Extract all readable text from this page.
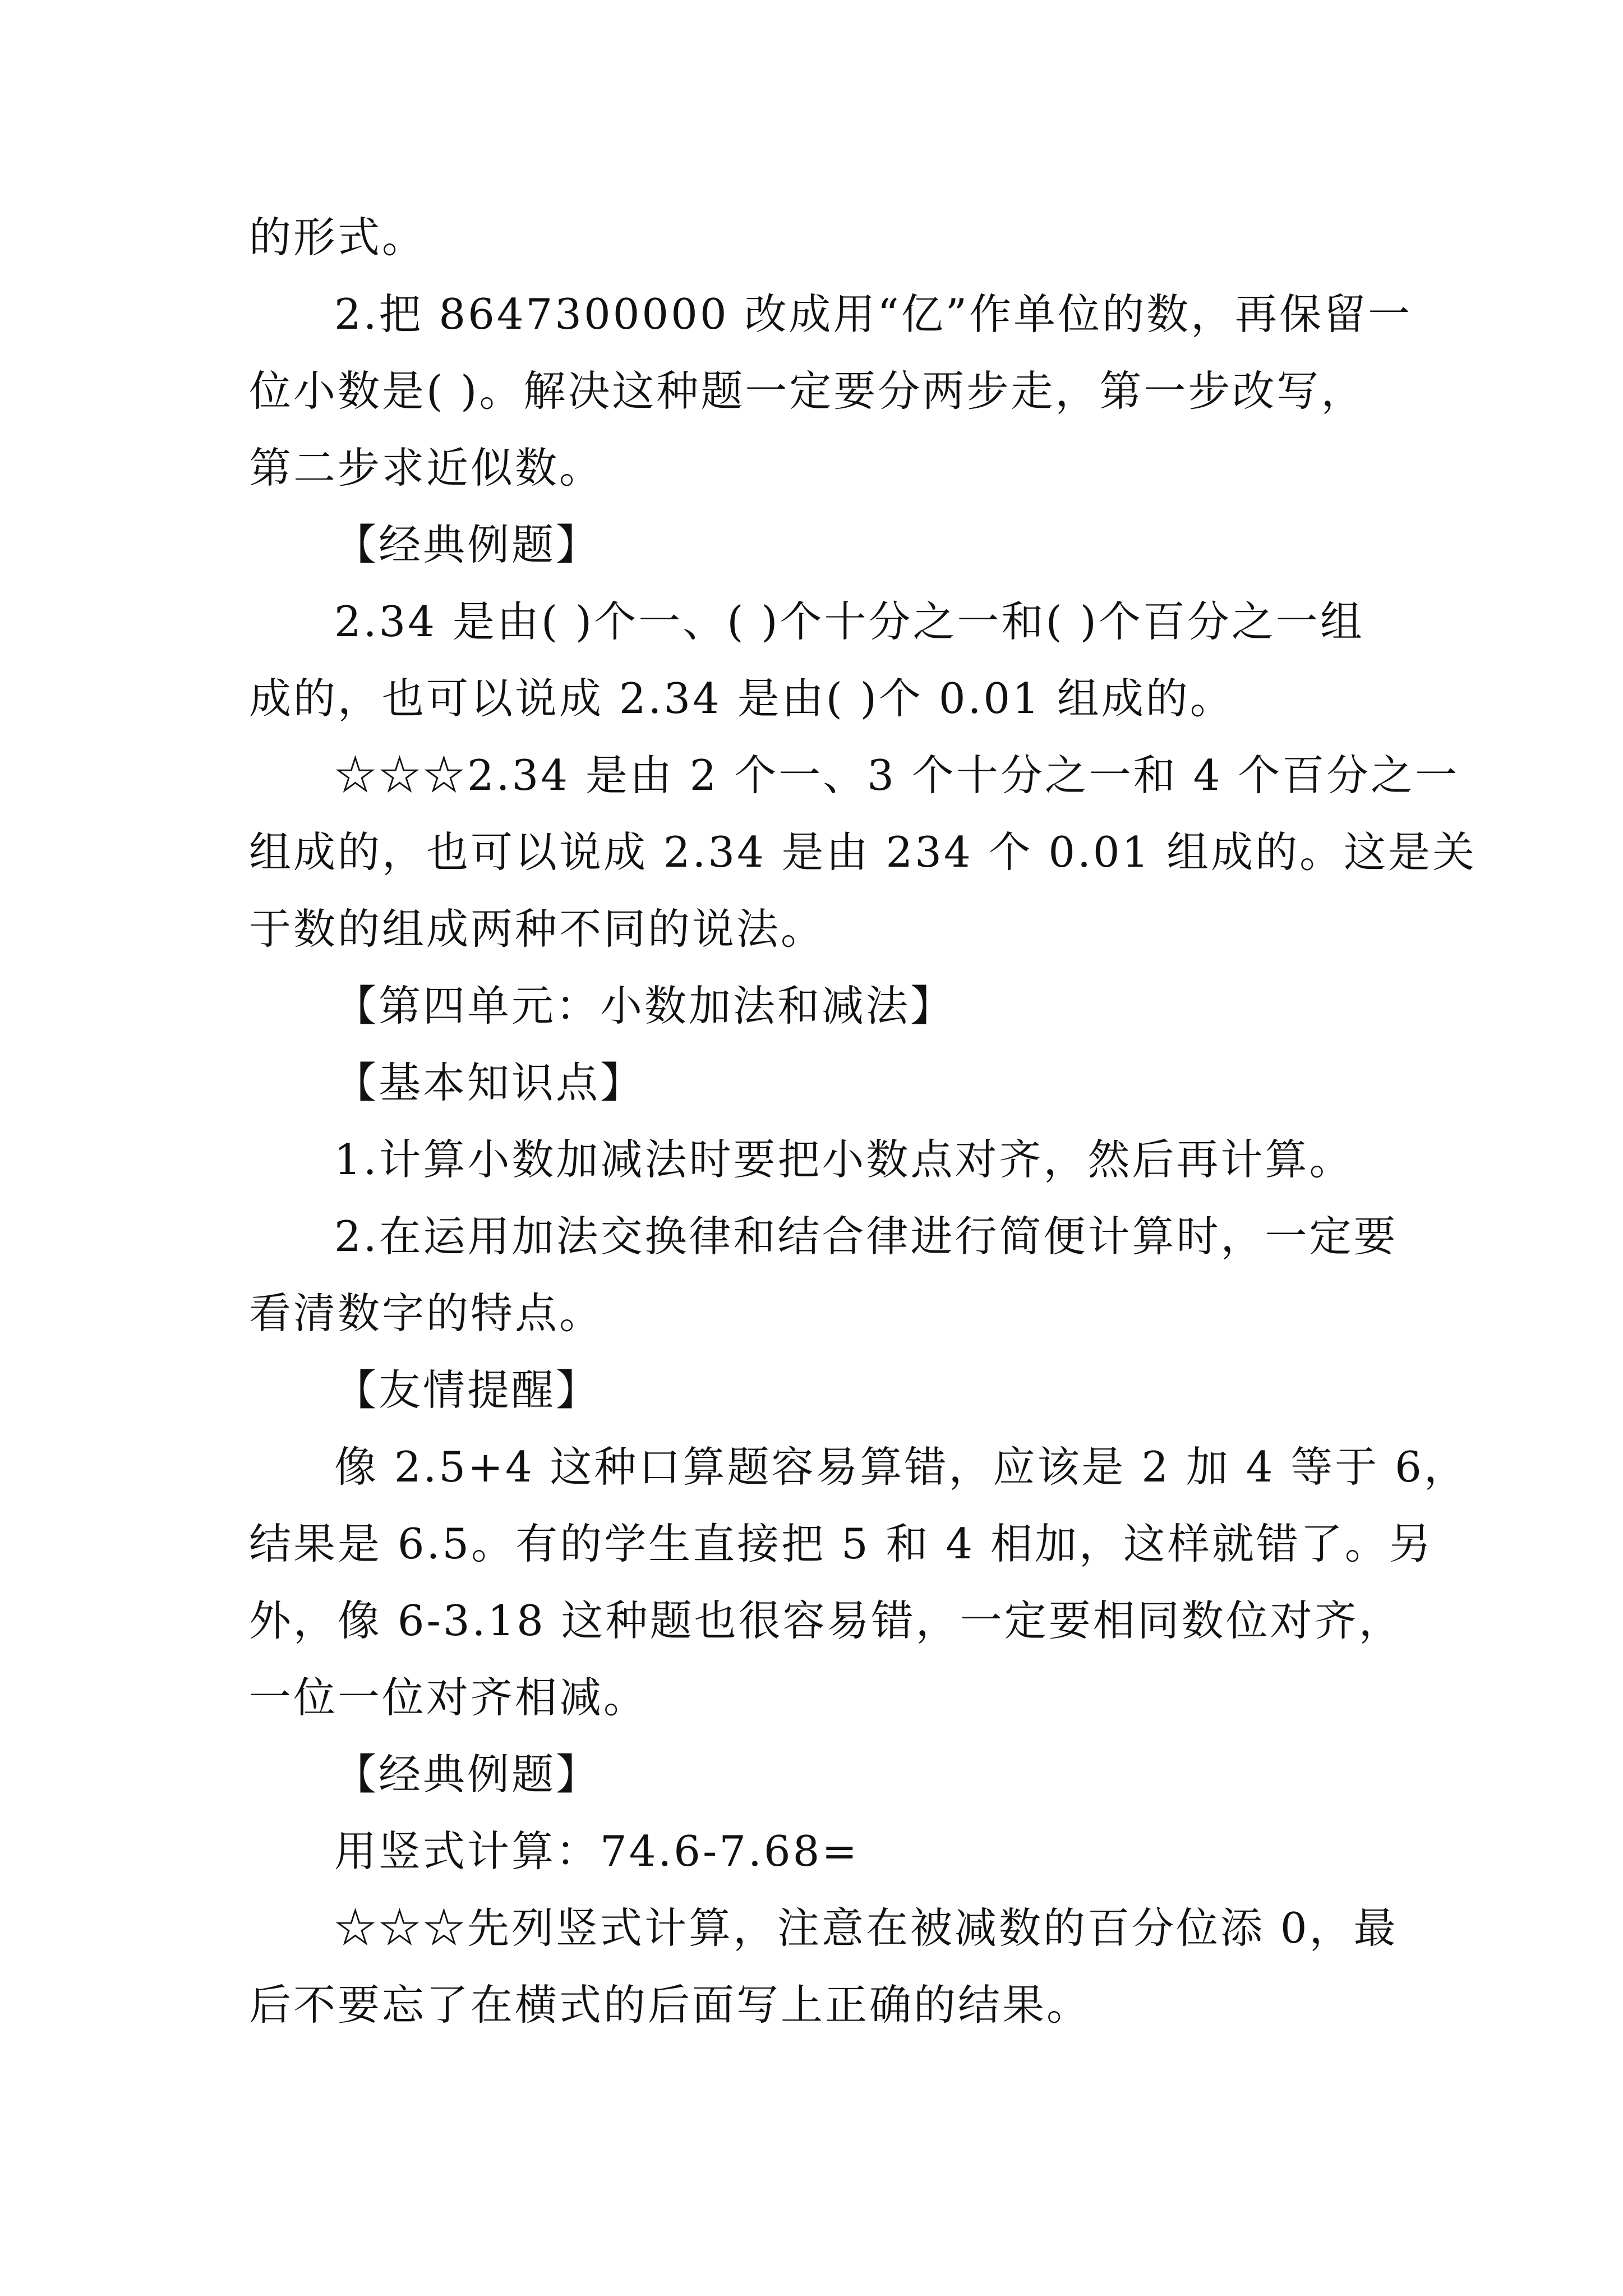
的形式。
2.把 8647300000 改成用“亿”作单位的数，再保留一
位小数是( )。解决这种题一定要分两步走，第一步改写，
第二步求近似数。
【经典例题】
2.34 是由( )个一、( )个十分之一和( )个百分之一组
成的，也可以说成 2.34 是由( )个 0.01 组成的。
☆☆☆2.34 是由 2 个一、3 个十分之一和 4 个百分之一
组成的，也可以说成 2.34 是由 234 个 0.01 组成的。这是关
于数的组成两种不同的说法。
【第四单元：小数加法和减法】
【基本知识点】
1.计算小数加减法时要把小数点对齐，然后再计算。
2.在运用加法交换律和结合律进行简便计算时，一定要
看清数字的特点。
【友情提醒】
像 2.5+4 这种口算题容易算错，应该是 2 加 4 等于 6，
结果是 6.5。有的学生直接把 5 和 4 相加，这样就错了。另
外，像 6-3.18 这种题也很容易错，一定要相同数位对齐，
一位一位对齐相减。
【经典例题】
用竖式计算：74.6-7.68=
☆☆☆先列竖式计算，注意在被减数的百分位添 0，最
后不要忘了在横式的后面写上正确的结果。
